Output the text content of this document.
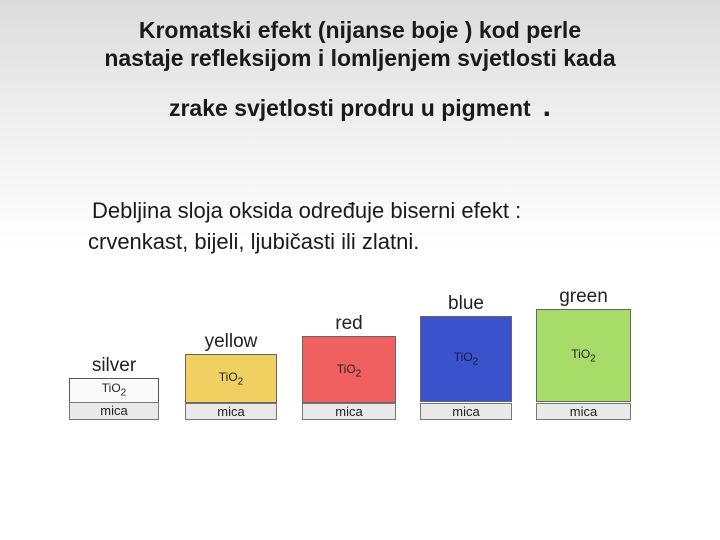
Kromatski efekt (nijanse boje ) kod perle
nastaje refleksijom i lomljenjem svjetlosti kada
zrake svjetlosti prodru u pigment .
Debljina sloja oksida određuje biserni efekt :
crvenkast, bijeli, ljubičasti ili zlatni.
silver
TiO$_2$
mica
yellow
TiO$_2$
mica
red
TiO$_2$
mica
blue
TiO$_2$
mica
green
TiO$_2$
mica
